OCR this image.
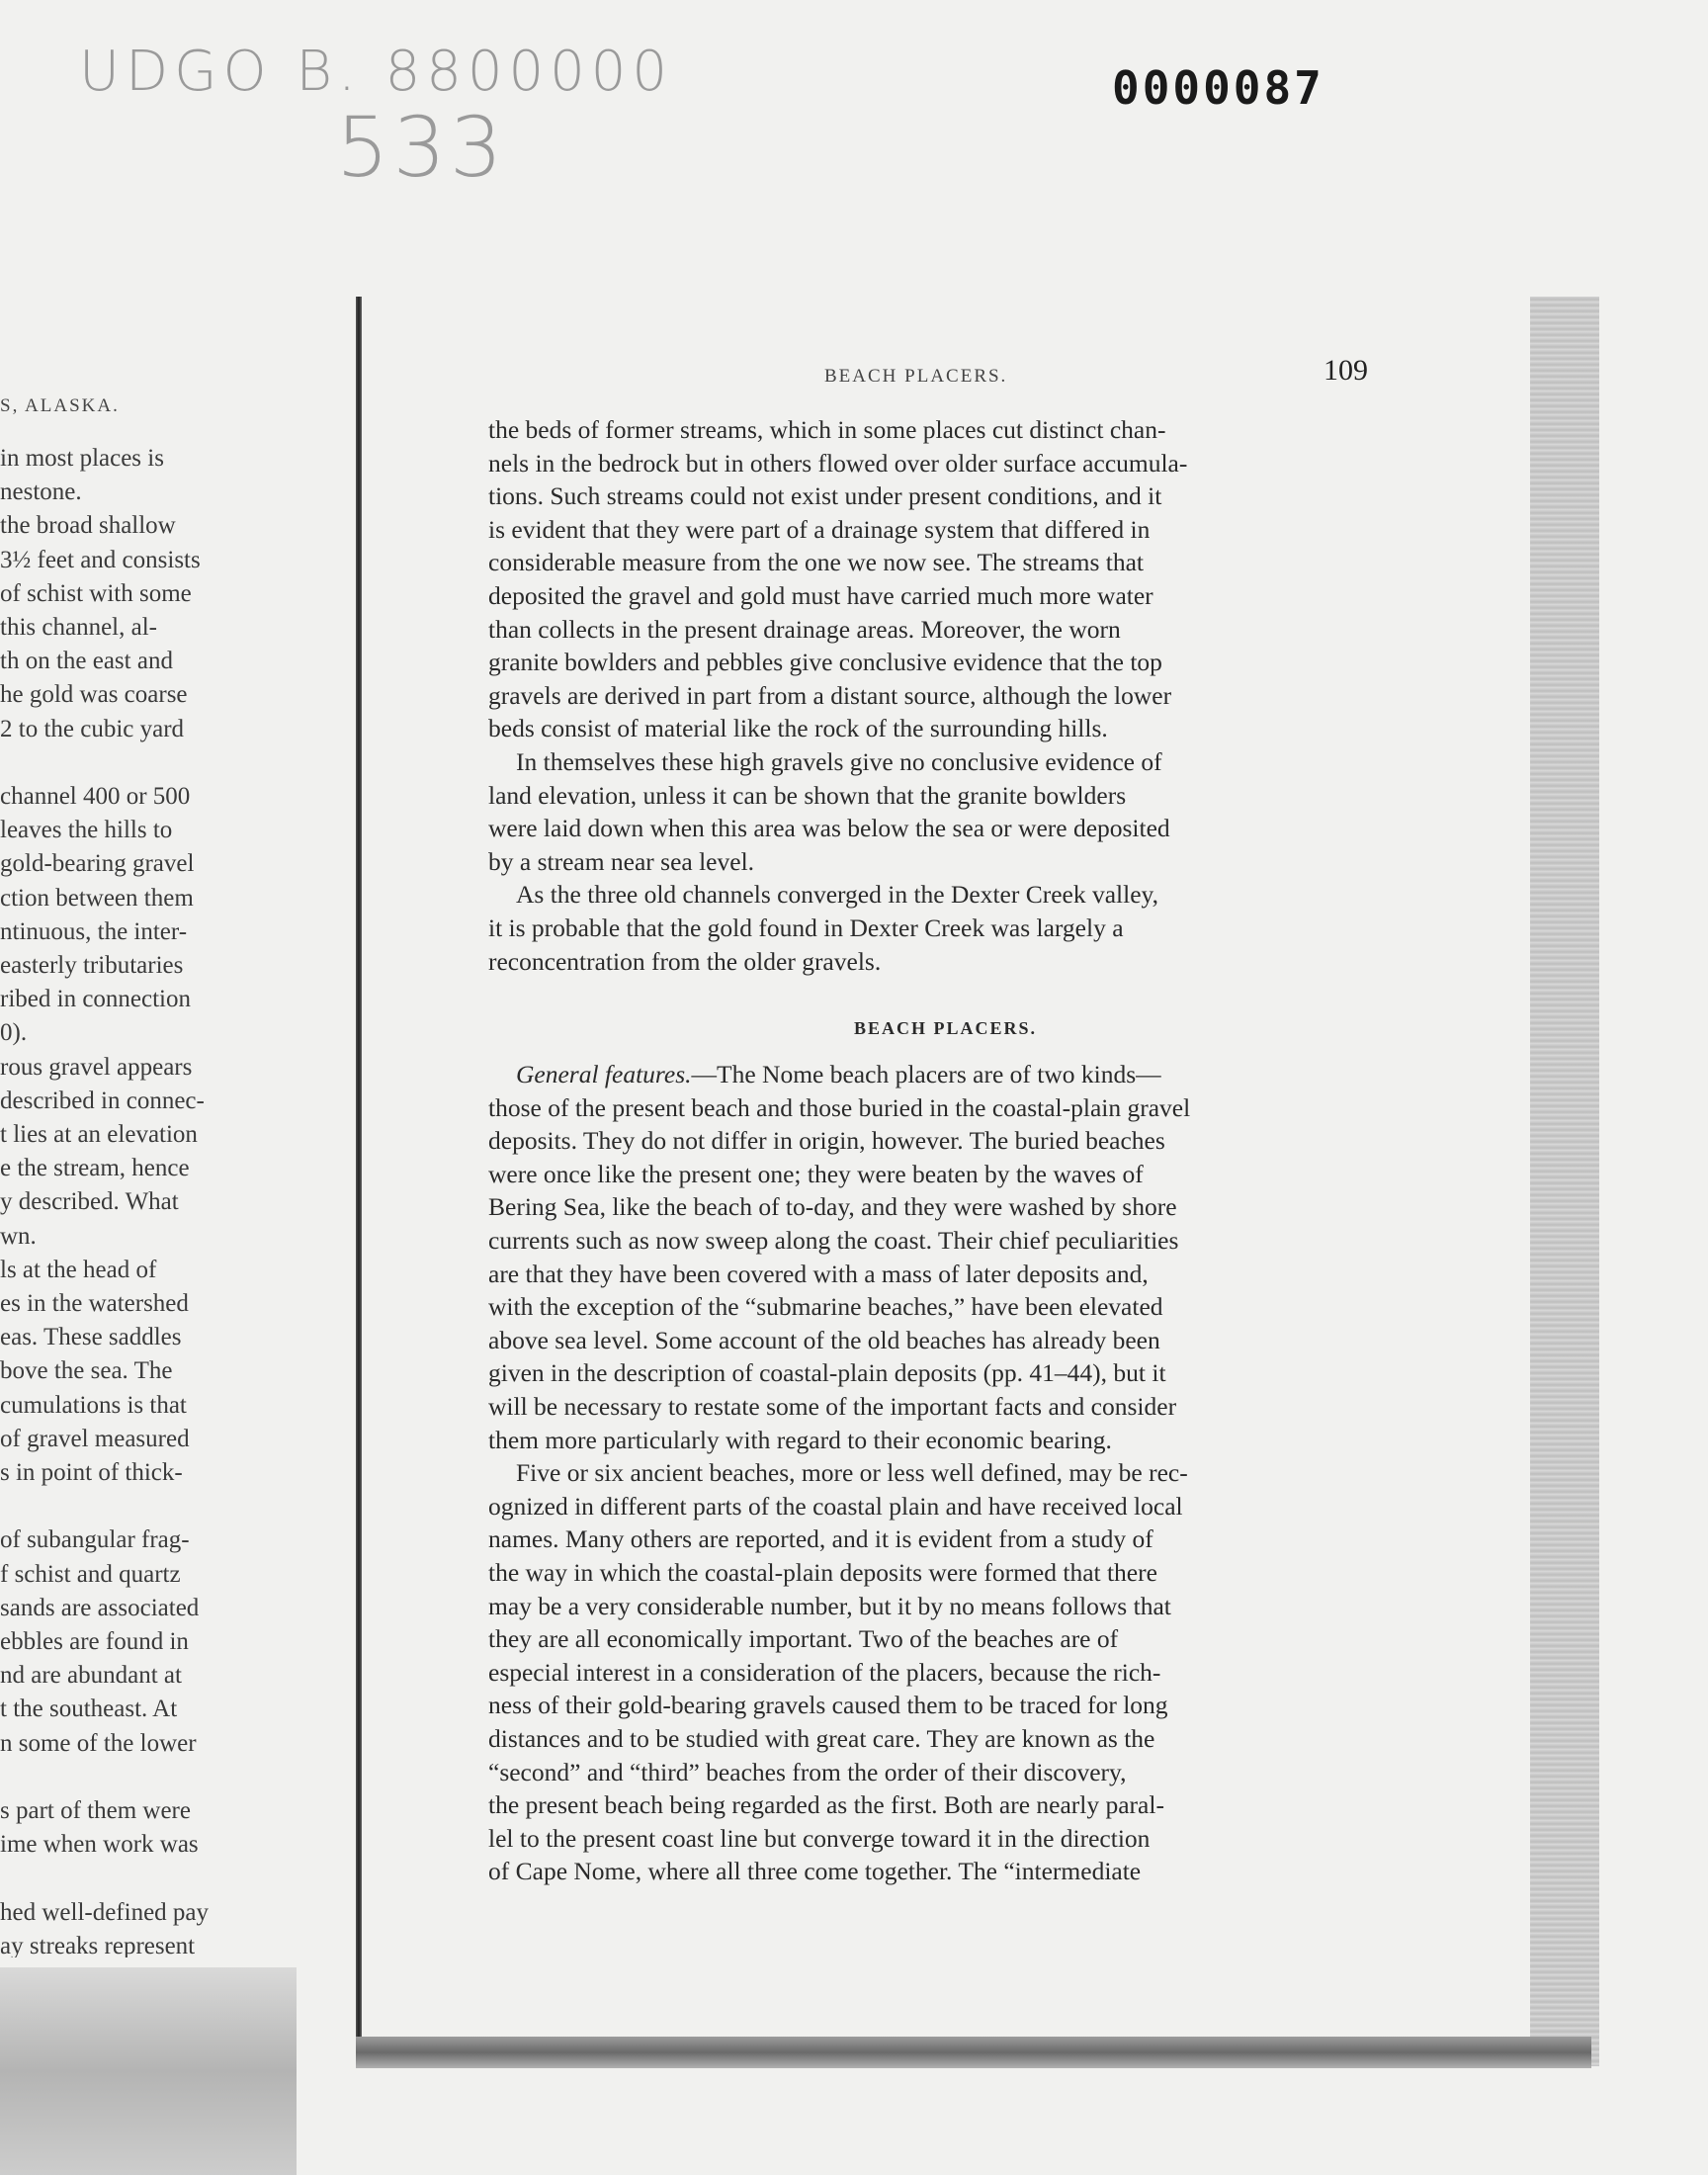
UDGO B. 8800000
533
0000087
S, ALASKA.
in most places is
nestone.
the broad shallow
3½ feet and consists
of schist with some
this channel, al-
th on the east and
he gold was coarse
2 to the cubic yard
channel 400 or 500
leaves the hills to
gold-bearing gravel
ction between them
ntinuous, the inter-
easterly tributaries
ribed in connection
0).
rous gravel appears
described in connec-
t lies at an elevation
e the stream, hence
y described. What
wn.
ls at the head of
es in the watershed
eas. These saddles
bove the sea. The
cumulations is that
of gravel measured
s in point of thick-
of subangular frag-
f schist and quartz
sands are associated
ebbles are found in
nd are abundant at
t the southeast. At
n some of the lower
s part of them were
ime when work was
hed well-defined pay
ay streaks represent
BEACH PLACERS.	109
the beds of former streams, which in some places cut distinct chan-
nels in the bedrock but in others flowed over older surface accumula-
tions. Such streams could not exist under present conditions, and it
is evident that they were part of a drainage system that differed in
considerable measure from the one we now see. The streams that
deposited the gravel and gold must have carried much more water
than collects in the present drainage areas. Moreover, the worn
granite bowlders and pebbles give conclusive evidence that the top
gravels are derived in part from a distant source, although the lower
beds consist of material like the rock of the surrounding hills.
In themselves these high gravels give no conclusive evidence of
land elevation, unless it can be shown that the granite bowlders
were laid down when this area was below the sea or were deposited
by a stream near sea level.
As the three old channels converged in the Dexter Creek valley,
it is probable that the gold found in Dexter Creek was largely a
reconcentration from the older gravels.
General features.—The Nome beach placers are of two kinds—
those of the present beach and those buried in the coastal-plain gravel
deposits. They do not differ in origin, however. The buried beaches
were once like the present one; they were beaten by the waves of
Bering Sea, like the beach of to-day, and they were washed by shore
currents such as now sweep along the coast. Their chief peculiarities
are that they have been covered with a mass of later deposits and,
with the exception of the “submarine beaches,” have been elevated
above sea level. Some account of the old beaches has already been
given in the description of coastal-plain deposits (pp. 41–44), but it
will be necessary to restate some of the important facts and consider
them more particularly with regard to their economic bearing.
Five or six ancient beaches, more or less well defined, may be rec-
ognized in different parts of the coastal plain and have received local
names. Many others are reported, and it is evident from a study of
the way in which the coastal-plain deposits were formed that there
may be a very considerable number, but it by no means follows that
they are all economically important. Two of the beaches are of
especial interest in a consideration of the placers, because the rich-
ness of their gold-bearing gravels caused them to be traced for long
distances and to be studied with great care. They are known as the
“second” and “third” beaches from the order of their discovery,
the present beach being regarded as the first. Both are nearly paral-
lel to the present coast line but converge toward it in the direction
of Cape Nome, where all three come together. The “intermediate
BEACH PLACERS.
